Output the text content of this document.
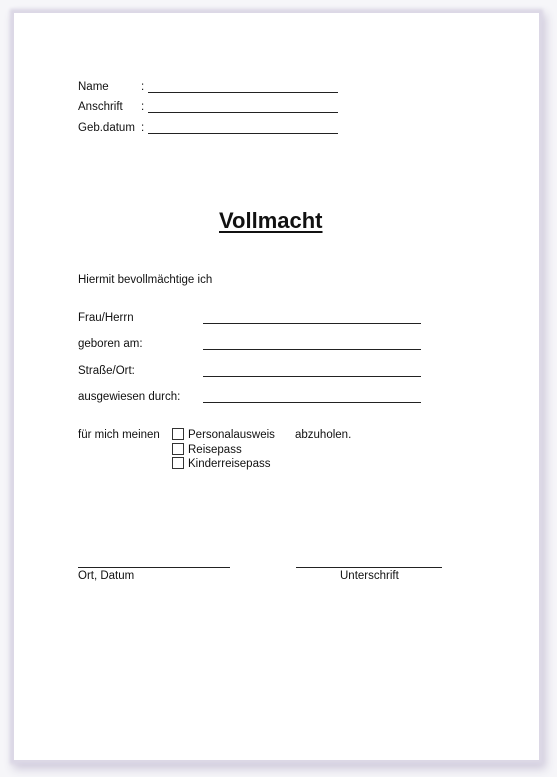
Name	:
Anschrift :
Geb.datum :
Vollmacht
Hiermit bevollmächtige ich
Frau/Herrn
geboren am:
Straße/Ort:
ausgewiesen durch:
für mich meinen Personalausweis abzuholen.
Reisepass
Kinderreisepass
Ort, Datum	Unterschrift
